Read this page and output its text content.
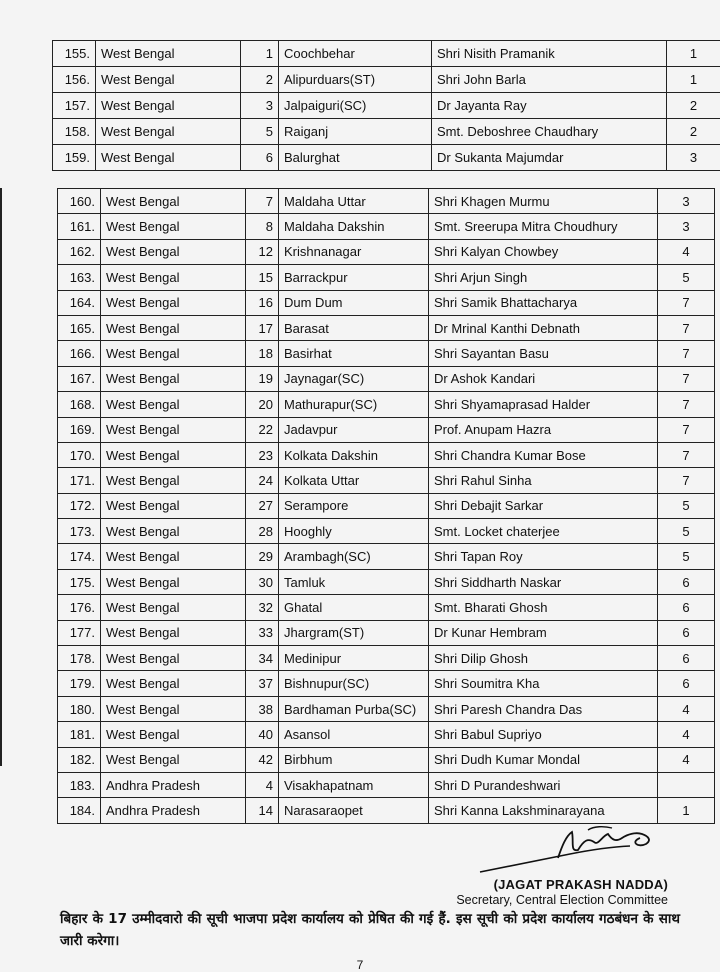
155.	West Bengal	1	Coochbehar	Shri Nisith Pramanik	1
156.	West Bengal	2	Alipurduars(ST)	Shri John Barla	1
157.	West Bengal	3	Jalpaiguri(SC)	Dr Jayanta Ray	2
158.	West Bengal	5	Raiganj	Smt. Deboshree Chaudhary	2
159.	West Bengal	6	Balurghat	Dr Sukanta Majumdar	3
160.	West Bengal	7	Maldaha Uttar	Shri Khagen Murmu	3
161.	West Bengal	8	Maldaha Dakshin	Smt. Sreerupa Mitra Choudhury	3
162.	West Bengal	12	Krishnanagar	Shri Kalyan Chowbey	4
163.	West Bengal	15	Barrackpur	Shri Arjun Singh	5
164.	West Bengal	16	Dum Dum	Shri Samik Bhattacharya	7
165.	West Bengal	17	Barasat	Dr Mrinal Kanthi Debnath	7
166.	West Bengal	18	Basirhat	Shri Sayantan Basu	7
167.	West Bengal	19	Jaynagar(SC)	Dr Ashok Kandari	7
168.	West Bengal	20	Mathurapur(SC)	Shri Shyamaprasad Halder	7
169.	West Bengal	22	Jadavpur	Prof. Anupam Hazra	7
170.	West Bengal	23	Kolkata Dakshin	Shri Chandra Kumar Bose	7
171.	West Bengal	24	Kolkata Uttar	Shri Rahul Sinha	7
172.	West Bengal	27	Serampore	Shri Debajit Sarkar	5
173.	West Bengal	28	Hooghly	Smt. Locket chaterjee	5
174.	West Bengal	29	Arambagh(SC)	Shri Tapan Roy	5
175.	West Bengal	30	Tamluk	Shri Siddharth Naskar	6
176.	West Bengal	32	Ghatal	Smt. Bharati Ghosh	6
177.	West Bengal	33	Jhargram(ST)	Dr Kunar Hembram	6
178.	West Bengal	34	Medinipur	Shri Dilip Ghosh	6
179.	West Bengal	37	Bishnupur(SC)	Shri Soumitra Kha	6
180.	West Bengal	38	Bardhaman Purba(SC)	Shri Paresh Chandra Das	4
181.	West Bengal	40	Asansol	Shri Babul Supriyo	4
182.	West Bengal	42	Birbhum	Shri Dudh Kumar Mondal	4
183.	Andhra Pradesh	4	Visakhapatnam	Shri D Purandeshwari	
184.	Andhra Pradesh	14	Narasaraopet	Shri Kanna Lakshminarayana	1
(JAGAT PRAKASH NADDA)
Secretary, Central Election Committee
बिहार के 17 उम्मीदवारो की सूची भाजपा प्रदेश कार्यालय को प्रेषित की गई हैं. इस सूची को प्रदेश कार्यालय गठबंधन के साथ जारी करेगा।
7
